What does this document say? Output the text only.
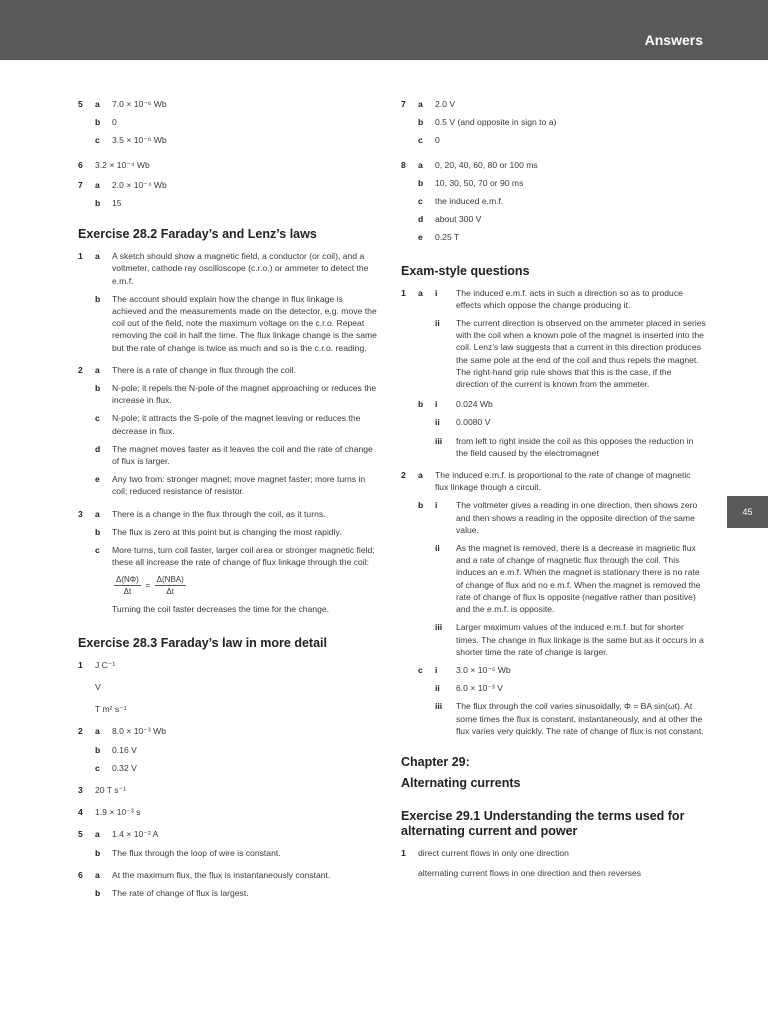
Answers
45
5 a 7.0 × 10⁻⁶ Wb
b 0
c 3.5 × 10⁻⁶ Wb
6 3.2 × 10⁻⁴ Wb
7 a 2.0 × 10⁻⁴ Wb
b 15
Exercise 28.2 Faraday’s and Lenz’s laws
1 a A sketch should show a magnetic field, a conductor (or coil), and a voltmeter, cathode ray oscilloscope (c.r.o.) or ammeter to detect the e.m.f.
b The account should explain how the change in flux linkage is achieved and the measurements made on the detector, e.g. move the coil out of the field, note the maximum voltage on the c.r.o. Repeat removing the coil in half the time. The flux linkage change is the same but the rate of change is twice as much and so is the c.r.o. reading.
2 a There is a rate of change in flux through the coil.
b N-pole; it repels the N-pole of the magnet approaching or reduces the increase in flux.
c N-pole; it attracts the S-pole of the magnet leaving or reduces the decrease in flux.
d The magnet moves faster as it leaves the coil and the rate of change of flux is larger.
e Any two from: stronger magnet; move magnet faster; more turns in coil; reduced resistance of resistor.
3 a There is a change in the flux through the coil, as it turns.
b The flux is zero at this point but is changing the most rapidly.
c More turns, turn coil faster, larger coil area or stronger magnetic field; these all increase the rate of change of flux linkage through the coil:
$\frac{\Delta(N\Phi)}{\Delta t} = \frac{\text{Δ(NBA)}}{\Delta t}$
Turning the coil faster decreases the time for the change.
Exercise 28.3 Faraday’s law in more detail
1 J C⁻¹
V
T m² s⁻¹
2 a 8.0 × 10⁻³ Wb
b 0.16 V
c 0.32 V
3 20 T s⁻¹
4 1.9 × 10⁻³ s
5 a 1.4 × 10⁻² A
b The flux through the loop of wire is constant.
6 a At the maximum flux, the flux is instantaneously constant.
b The rate of change of flux is largest.
7 a 2.0 V
b 0.5 V (and opposite in sign to a)
c 0
8 a 0, 20, 40, 60, 80 or 100 ms
b 10, 30, 50, 70 or 90 ms
c the induced e.m.f.
d about 300 V
e 0.25 T
Exam-style questions
1 a i The induced e.m.f. acts in such a direction so as to produce effects which oppose the change producing it.
ii The current direction is observed on the ammeter placed in series with the coil when a known pole of the magnet is inserted into the coil. Lenz’s law suggests that a current in this direction produces the same pole at the end of the coil and thus repels the magnet. The right-hand grip rule shows that this is the case, if the direction of the current is known from the ammeter.
b i 0.024 Wb
ii 0.0080 V
iii from left to right inside the coil as this opposes the reduction in the field caused by the electromagnet
2 a The induced e.m.f. is proportional to the rate of change of magnetic flux linkage though a circuit.
b i The voltmeter gives a reading in one direction, then shows zero and then shows a reading in the opposite direction of the same value.
ii As the magnet is removed, there is a decrease in magnetic flux and a rate of change of magnetic flux through the coil. This induces an e.m.f. When the magnet is stationary there is no rate of change of flux and no e.m.f. When the magnet is removed the rate of change of flux is opposite (negative rather than positive) and the e.m.f. is opposite.
iii Larger maximum values of the induced e.m.f. but for shorter times. The change in flux linkage is the same but as it occurs in a shorter time the rate of change is larger.
c i 3.0 × 10⁻⁵ Wb
ii 6.0 × 10⁻³ V
iii The flux through the coil varies sinusoidally, Φ = BA sin(ωt). At some times the flux is constant, instantaneously, and at other the flux varies very quickly. The rate of change of flux is not constant.
Chapter 29:
Alternating currents
Exercise 29.1 Understanding the terms used for alternating current and power
1 direct current flows in only one direction
alternating current flows in one direction and then reverses
